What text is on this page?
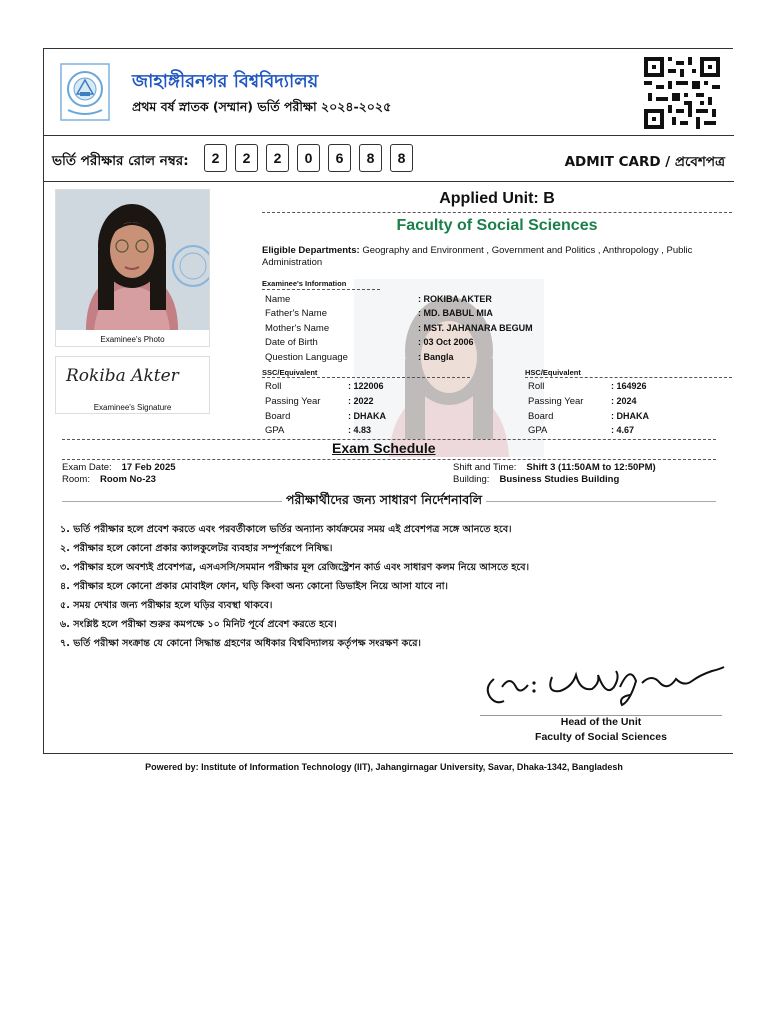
জাহাঙ্গীরনগর বিশ্ববিদ্যালয়
প্রথম বর্ষ স্নাতক (সম্মান) ভর্তি পরীক্ষা ২০২৪-২০২৫
ভর্তি পরীক্ষার রোল নম্বর:	2	2	2	0	6	8	8	ADMIT CARD / প্রবেশপত্র
Examinee's Photo
Rokiba Akter
Examinee's Signature
Applied Unit: B
Faculty of Social Sciences
Eligible Departments: Geography and Environment , Government and Politics , Anthropology , Public Administration
Examinee's Information
Name	: ROKIBA AKTER
Father's Name	: MD. BABUL MIA
Mother's Name	: MST. JAHANARA BEGUM
Date of Birth	: 03 Oct 2006
Question Language	: Bangla
SSC/Equivalent
Roll	: 122006
Passing Year	: 2022
Board	: DHAKA
GPA	: 4.83
HSC/Equivalent
Roll	: 164926
Passing Year	: 2024
Board	: DHAKA
GPA	: 4.67
Exam Schedule
Exam Date: 17 Feb 2025
Room: Room No-23
Shift and Time: Shift 3 (11:50AM to 12:50PM)
Building: Business Studies Building
পরীক্ষার্থীদের জন্য সাধারণ নির্দেশনাবলি
১. ভর্তি পরীক্ষার হলে প্রবেশ করতে এবং পরবর্তীকালে ভর্তির অন্যান্য কার্যক্রমের সময় এই প্রবেশপত্র সঙ্গে আনতে হবে।
২. পরীক্ষার হলে কোনো প্রকার ক্যালকুলেটর ব্যবহার সম্পূর্ণরূপে নিষিদ্ধ।
৩. পরীক্ষার হলে অবশ্যই প্রবেশপত্র, এসএসসি/সমমান পরীক্ষার মূল রেজিস্ট্রেশন কার্ড এবং সাধারণ কলম নিয়ে আসতে হবে।
৪. পরীক্ষার হলে কোনো প্রকার মোবাইল ফোন, ঘড়ি কিংবা অন্য কোনো ডিভাইস নিয়ে আসা যাবে না।
৫. সময় দেখার জন্য পরীক্ষার হলে ঘড়ির ব্যবস্থা থাকবে।
৬. সংশ্লিষ্ট হলে পরীক্ষা শুরুর কমপক্ষে ১০ মিনিট পূর্বে প্রবেশ করতে হবে।
৭. ভর্তি পরীক্ষা সংক্রান্ত যে কোনো সিদ্ধান্ত গ্রহণের অধিকার বিশ্ববিদ্যালয় কর্তৃপক্ষ সংরক্ষণ করে।
Head of the Unit
Faculty of Social Sciences
Powered by: Institute of Information Technology (IIT), Jahangirnagar University, Savar, Dhaka-1342, Bangladesh
